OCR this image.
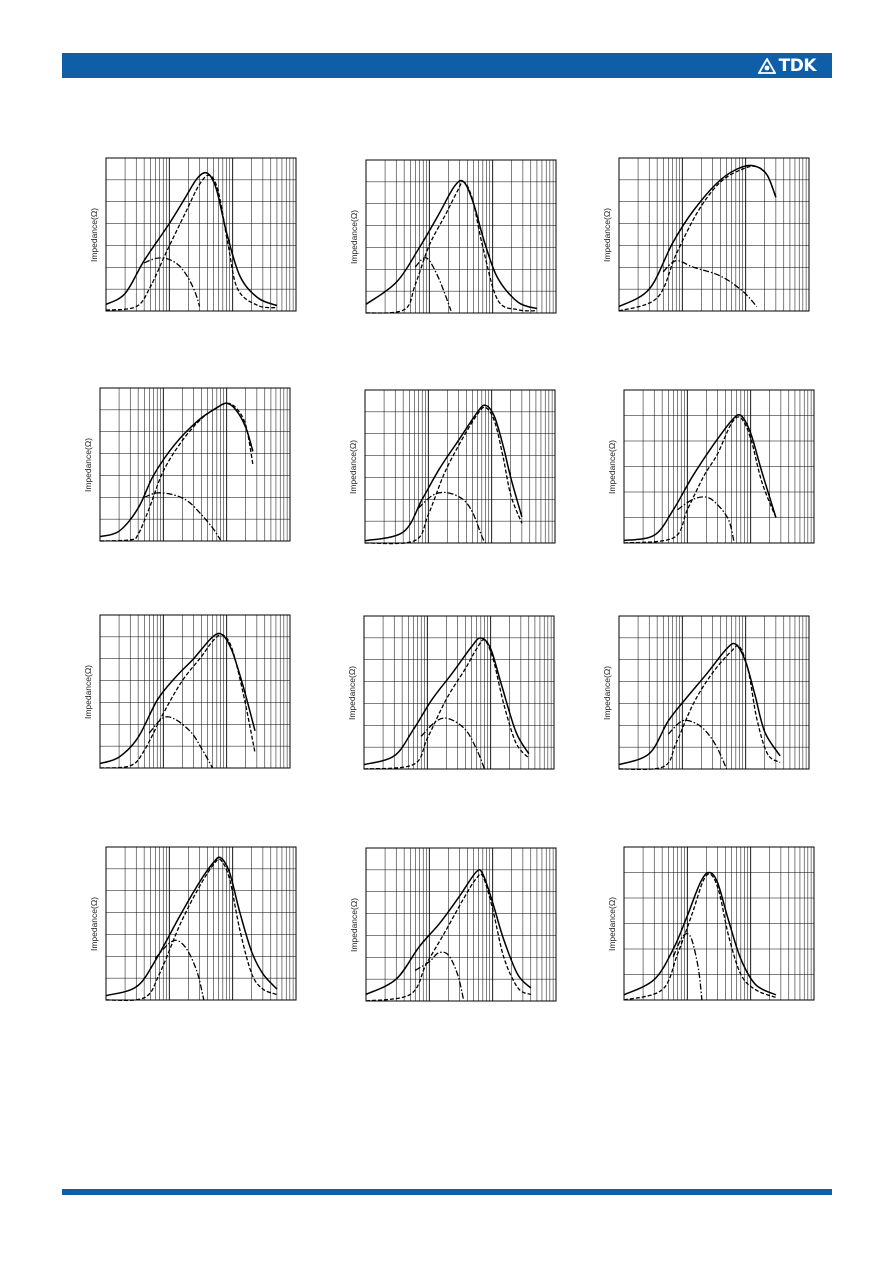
TDK
Impedance(Ω)	Impedance(Ω)	Impedance(Ω)
Impedance(Ω)	Impedance(Ω)	Impedance(Ω)
Impedance(Ω)	Impedance(Ω)	Impedance(Ω)
Impedance(Ω)	Impedance(Ω)	Impedance(Ω)
